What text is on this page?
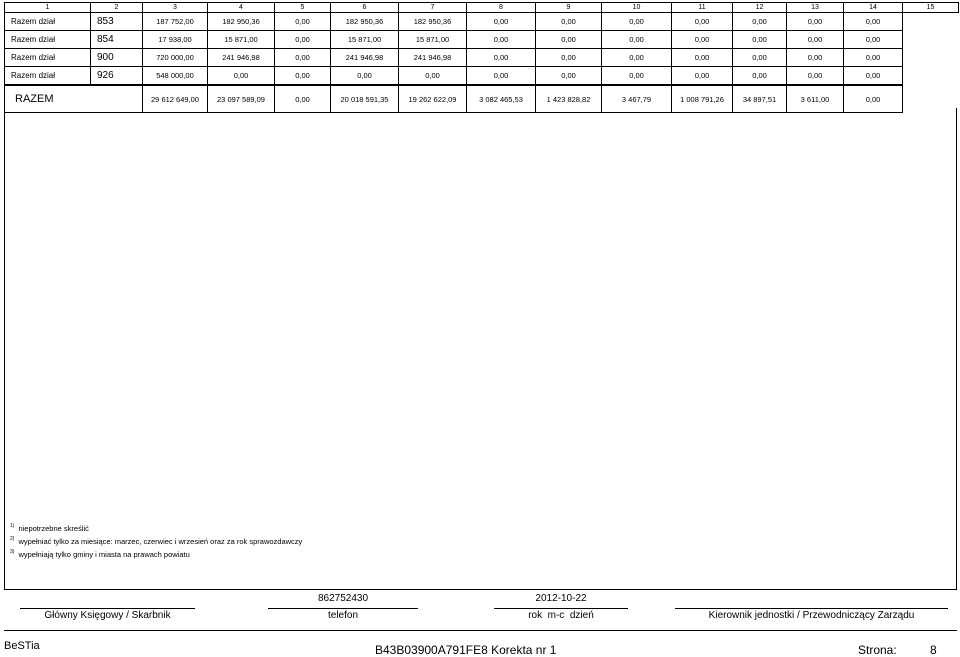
1	2	3	4	5	6	7	8	9	10	11	12	13	14	15
Razem dział	853	187 752,00	182 950,36	0,00	182 950,36	182 950,36	0,00	0,00	0,00	0,00	0,00	0,00	0,00	
Razem dział	854	17 938,00	15 871,00	0,00	15 871,00	15 871,00	0,00	0,00	0,00	0,00	0,00	0,00	0,00	
Razem dział	900	720 000,00	241 946,98	0,00	241 946,98	241 946,98	0,00	0,00	0,00	0,00	0,00	0,00	0,00	
Razem dział	926	548 000,00	0,00	0,00	0,00	0,00	0,00	0,00	0,00	0,00	0,00	0,00	0,00	
RAZEM		29 612 649,00	23 097 589,09	0,00	20 018 591,35	19 262 622,09	3 082 465,53	1 423 828,82	3 467,79	1 008 791,26	34 897,51	3 611,00	0,00	
$^{1)}$ niepotrzebne skreślić
$^{2)}$ wypełniać tylko za miesiące: marzec, czerwiec i wrzesień oraz za rok sprawozdawczy
$^{3)}$ wypełniają tylko gminy i miasta na prawach powiatu
Główny Księgowy / Skarbnik
862752430
telefon
2012-10-22
rok  m-c  dzień	Kierownik jednostki / Przewodniczący Zarządu
BeSTia	B43B03900A791FE8 Korekta nr 1	Strona:	8
